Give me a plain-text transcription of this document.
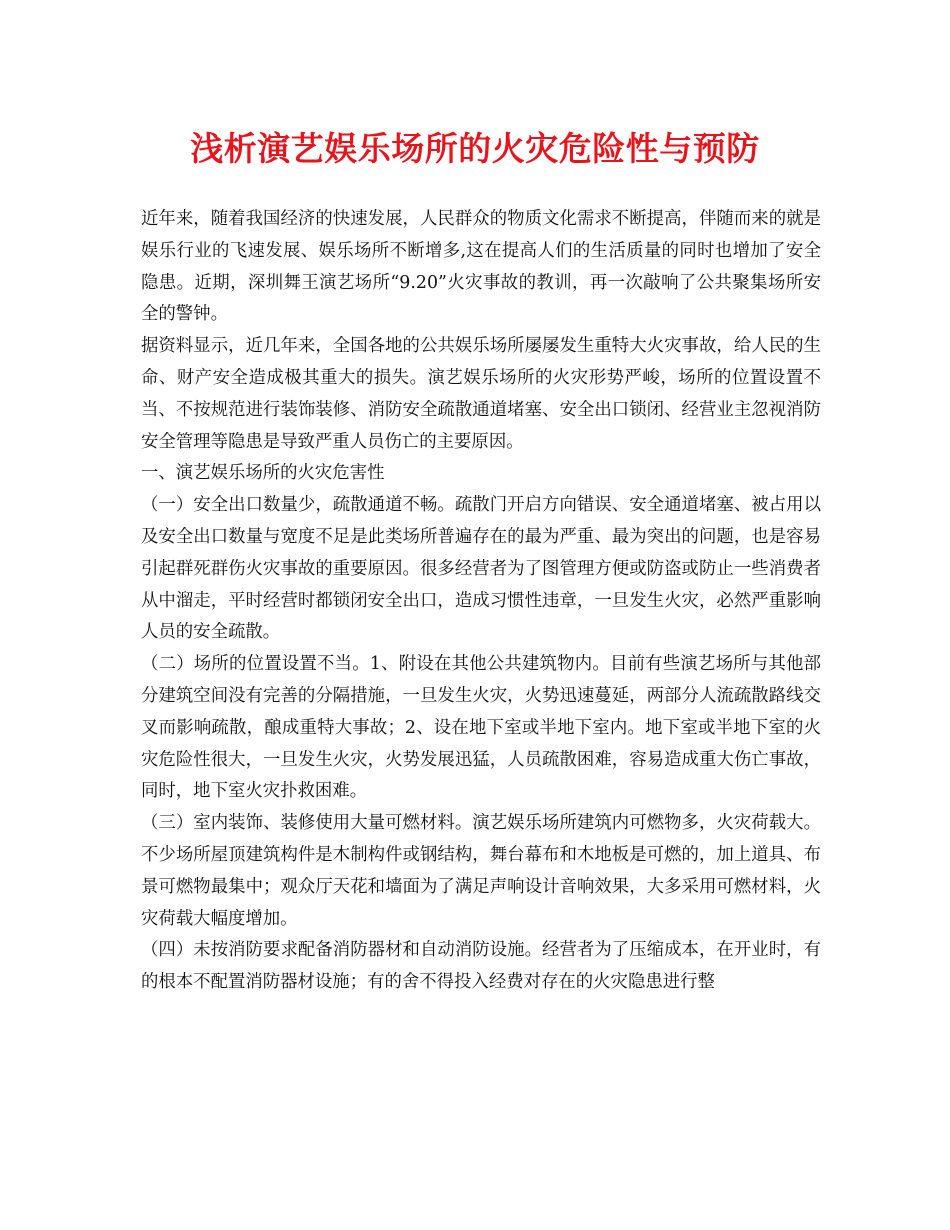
浅析演艺娱乐场所的火灾危险性与预防

近年来，随着我国经济的快速发展，人民群众的物质文化需求不断提高，伴随而来的就是娱乐行业的飞速发展、娱乐场所不断增多,这在提高人们的生活质量的同时也增加了安全隐患。近期，深圳舞王演艺场所“9.20”火灾事故的教训，再一次敲响了公共聚集场所安全的警钟。

据资料显示，近几年来，全国各地的公共娱乐场所屡屡发生重特大火灾事故，给人民的生命、财产安全造成极其重大的损失。演艺娱乐场所的火灾形势严峻，场所的位置设置不当、不按规范进行装饰装修、消防安全疏散通道堵塞、安全出口锁闭、经营业主忽视消防安全管理等隐患是导致严重人员伤亡的主要原因。

一、演艺娱乐场所的火灾危害性

（一）安全出口数量少，疏散通道不畅。疏散门开启方向错误、安全通道堵塞、被占用以及安全出口数量与宽度不足是此类场所普遍存在的最为严重、最为突出的问题，也是容易引起群死群伤火灾事故的重要原因。很多经营者为了图管理方便或防盗或防止一些消费者从中溜走，平时经营时都锁闭安全出口，造成习惯性违章，一旦发生火灾，必然严重影响人员的安全疏散。

（二）场所的位置设置不当。1、附设在其他公共建筑物内。目前有些演艺场所与其他部分建筑空间没有完善的分隔措施，一旦发生火灾，火势迅速蔓延，两部分人流疏散路线交叉而影响疏散，酿成重特大事故；2、设在地下室或半地下室内。地下室或半地下室的火灾危险性很大，一旦发生火灾，火势发展迅猛，人员疏散困难，容易造成重大伤亡事故，同时，地下室火灾扑救困难。

（三）室内装饰、装修使用大量可燃材料。演艺娱乐场所建筑内可燃物多，火灾荷载大。不少场所屋顶建筑构件是木制构件或钢结构，舞台幕布和木地板是可燃的，加上道具、布景可燃物最集中；观众厅天花和墙面为了满足声响设计音响效果，大多采用可燃材料，火灾荷载大幅度增加。

（四）未按消防要求配备消防器材和自动消防设施。经营者为了压缩成本，在开业时，有的根本不配置消防器材设施；有的舍不得投入经费对存在的火灾隐患进行整
